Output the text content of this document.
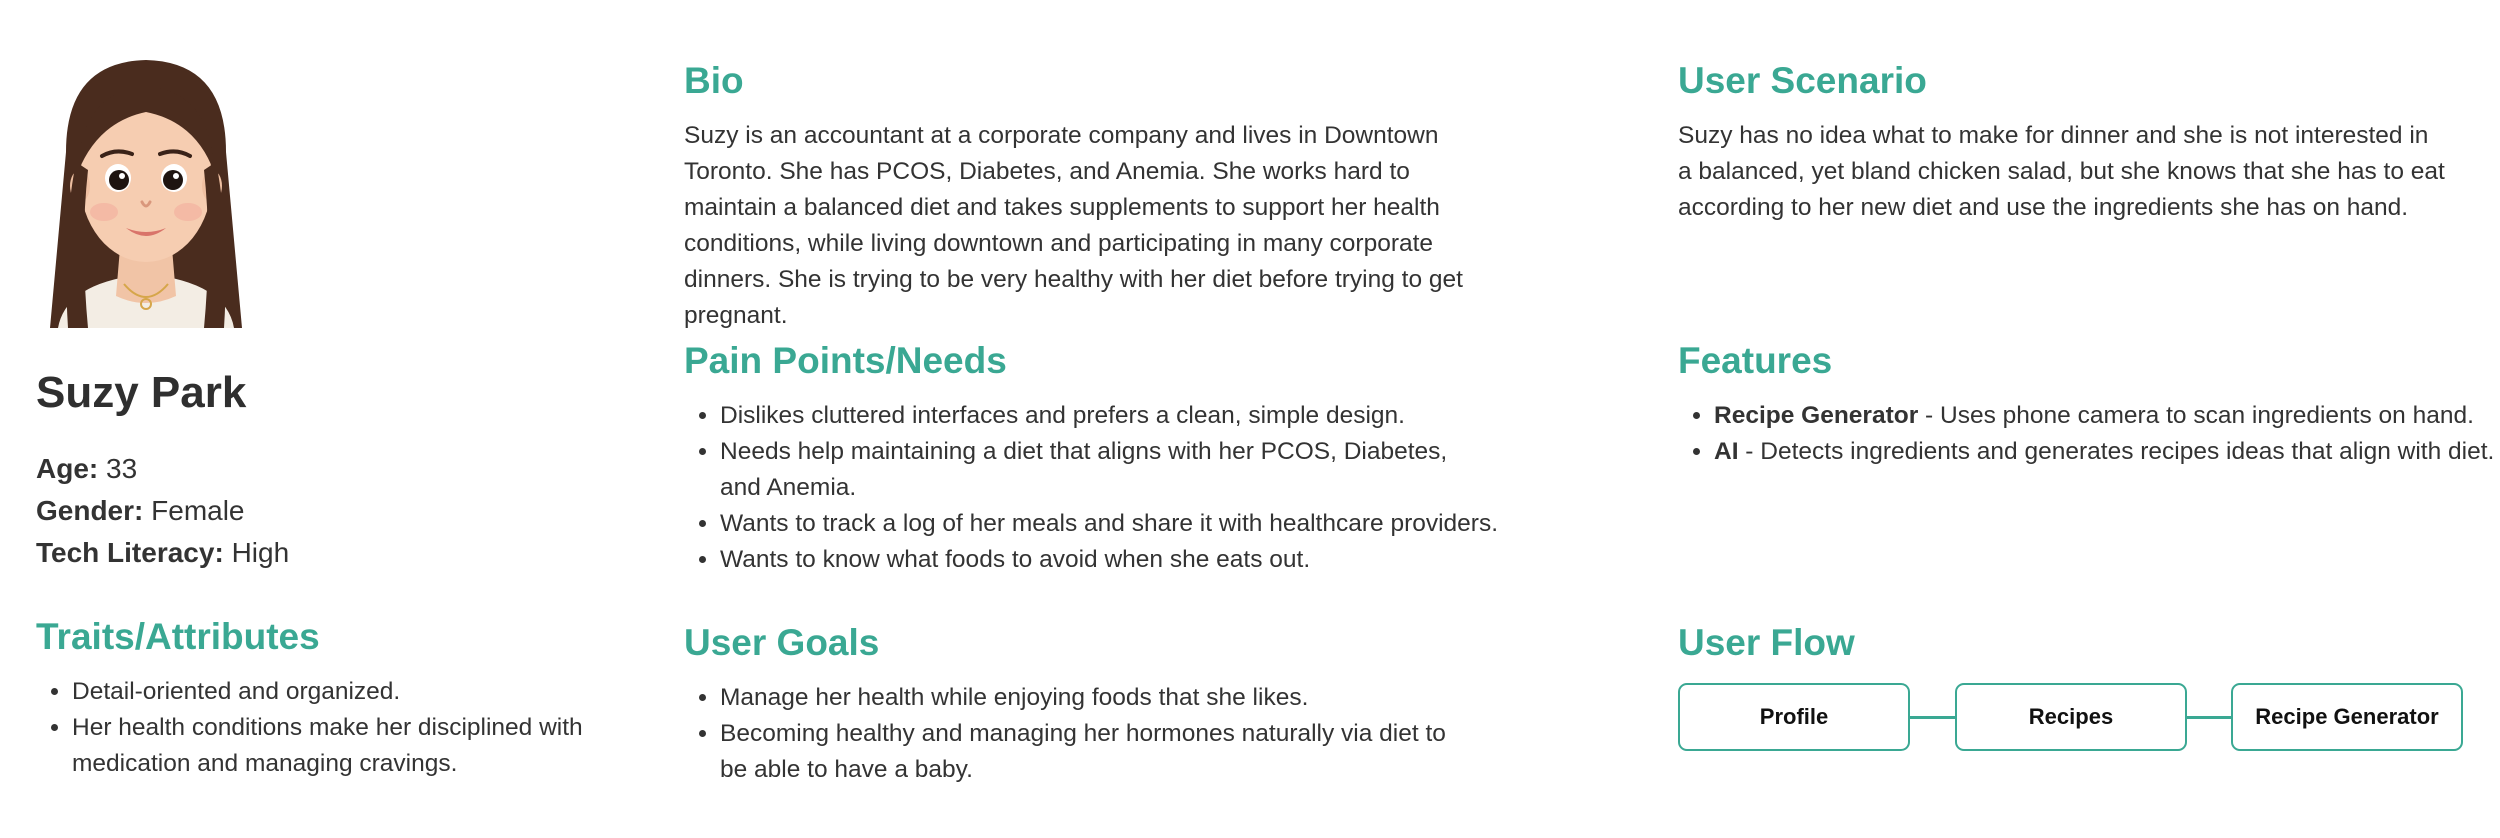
Suzy Park
Age: 33
Gender: Female
Tech Literacy: High
Traits/Attributes
• Detail-oriented and organized.
• Her health conditions make her disciplined with medication and managing cravings.
Bio

Suzy is an accountant at a corporate company and lives in Downtown Toronto. She has PCOS, Diabetes, and Anemia. She works hard to maintain a balanced diet and takes supplements to support her health conditions, while living downtown and participating in many corporate dinners. She is trying to be very healthy with her diet before trying to get pregnant.

Pain Points/Needs
• Dislikes cluttered interfaces and prefers a clean, simple design.
• Needs help maintaining a diet that aligns with her PCOS, Diabetes, and Anemia.
• Wants to track a log of her meals and share it with healthcare providers.
• Wants to know what foods to avoid when she eats out.
User Goals
• Manage her health while enjoying foods that she likes.
• Becoming healthy and managing her hormones naturally via diet to be able to have a baby.
User Scenario

Suzy has no idea what to make for dinner and she is not interested in a balanced, yet bland chicken salad, but she knows that she has to eat according to her new diet and use the ingredients she has on hand.

Features
• Recipe Generator - Uses phone camera to scan ingredients on hand.
• AI - Detects ingredients and generates recipes ideas that align with diet.
User Flow
Profile	Recipes	Recipe Generator
